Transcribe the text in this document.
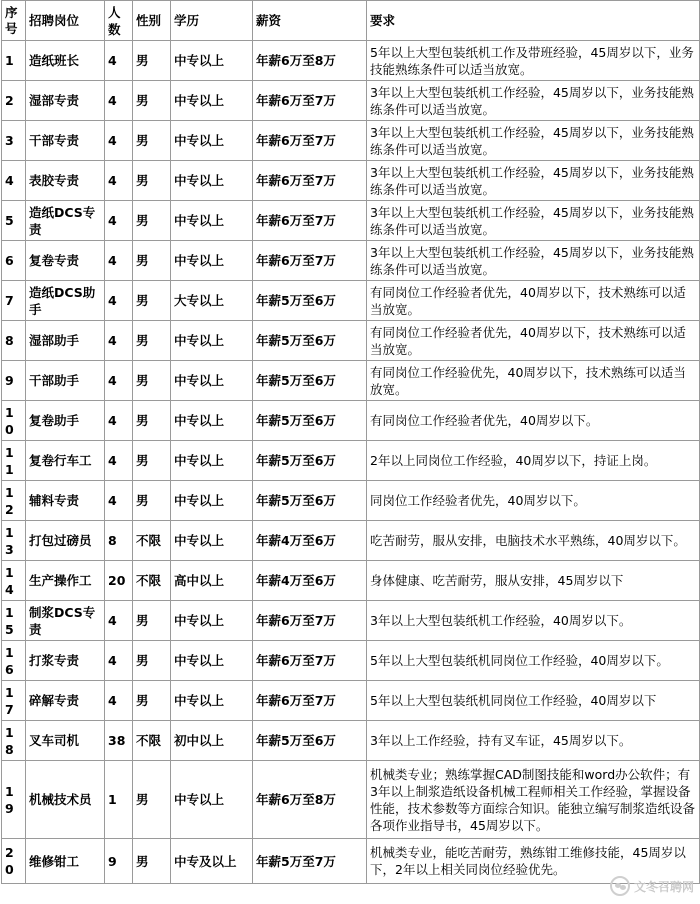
序号	招聘岗位	人数	性别	学历	薪资	要求
1	造纸班长	4	男	中专以上	年薪6万至8万	5年以上大型包装纸机工作及带班经验，45周岁以下，业务技能熟练条件可以适当放宽。
2	湿部专责	4	男	中专以上	年薪6万至7万	3年以上大型包装纸机工作经验，45周岁以下，业务技能熟练条件可以适当放宽。
3	干部专责	4	男	中专以上	年薪6万至7万	3年以上大型包装纸机工作经验，45周岁以下，业务技能熟练条件可以适当放宽。
4	表胶专责	4	男	中专以上	年薪6万至7万	3年以上大型包装纸机工作经验，45周岁以下，业务技能熟练条件可以适当放宽。
5	造纸DCS专责	4	男	中专以上	年薪6万至7万	3年以上大型包装纸机工作经验，45周岁以下，业务技能熟练条件可以适当放宽。
6	复卷专责	4	男	中专以上	年薪6万至7万	3年以上大型包装纸机工作经验，45周岁以下，业务技能熟练条件可以适当放宽。
7	造纸DCS助手	4	男	大专以上	年薪5万至6万	有同岗位工作经验者优先，40周岁以下，技术熟练可以适当放宽。
8	湿部助手	4	男	中专以上	年薪5万至6万	有同岗位工作经验者优先，40周岁以下，技术熟练可以适当放宽。
9	干部助手	4	男	中专以上	年薪5万至6万	有同岗位工作经验优先，40周岁以下，技术熟练可以适当放宽。
10	复卷助手	4	男	中专以上	年薪5万至6万	有同岗位工作经验者优先，40周岁以下。
11	复卷行车工	4	男	中专以上	年薪5万至6万	2年以上同岗位工作经验，40周岁以下，持证上岗。
12	辅料专责	4	男	中专以上	年薪5万至6万	同岗位工作经验者优先，40周岁以下。
13	打包过磅员	8	不限	中专以上	年薪4万至6万	吃苦耐劳，服从安排，电脑技术水平熟练，40周岁以下。
14	生产操作工	20	不限	高中以上	年薪4万至6万	身体健康、吃苦耐劳，服从安排，45周岁以下
15	制浆DCS专责	4	男	中专以上	年薪6万至7万	3年以上大型包装纸机工作经验，40周岁以下。
16	打浆专责	4	男	中专以上	年薪6万至7万	5年以上大型包装纸机同岗位工作经验，40周岁以下。
17	碎解专责	4	男	中专以上	年薪6万至7万	5年以上大型包装纸机同岗位工作经验，40周岁以下
18	叉车司机	38	不限	初中以上	年薪5万至6万	3年以上工作经验，持有叉车证，45周岁以下。
19	机械技术员	1	男	中专以上	年薪6万至8万	机械类专业；熟练掌握CAD制图技能和word办公软件；有3年以上制浆造纸设备机械工程师相关工作经验，掌握设备性能，技术参数等方面综合知识。能独立编写制浆造纸设备各项作业指导书，45周岁以下。
20	维修钳工	9	男	中专及以上	年薪5万至7万	机械类专业，能吃苦耐劳，熟练钳工维修技能，45周岁以下，2年以上相关同岗位经验优先。
文冬召聘网
